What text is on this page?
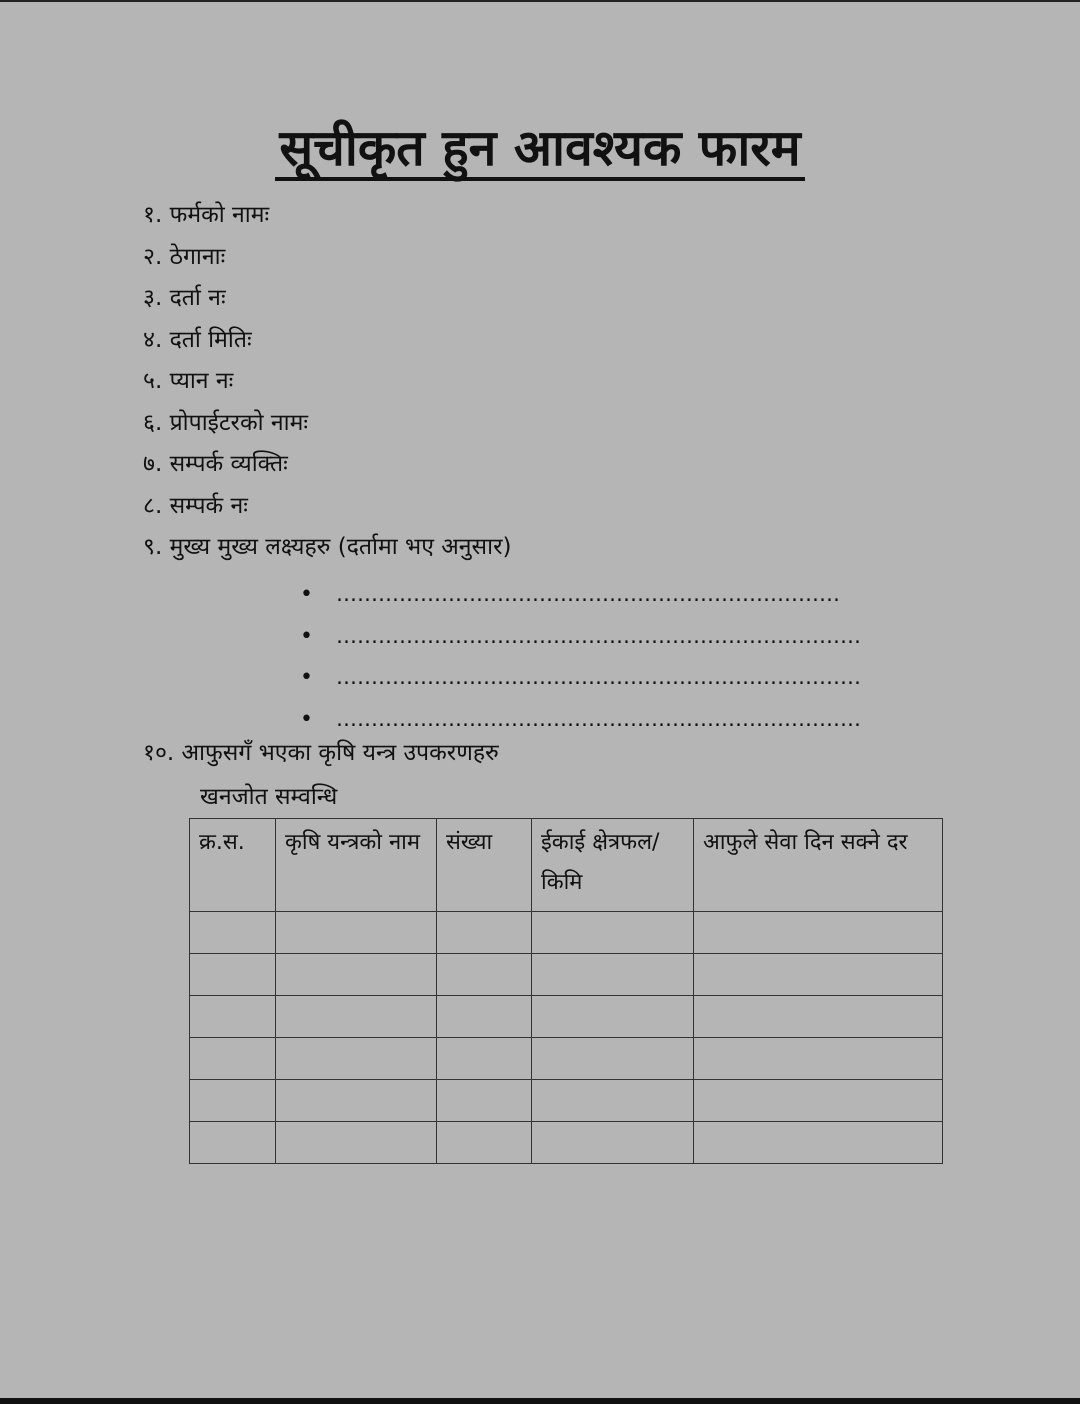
सूचीकृत हुन आवश्यक फारम
१. फर्मको नामः
२. ठेगानाः
३. दर्ता नः
४. दर्ता मितिः
५. प्यान नः
६. प्रोपाईटरको नामः
७. सम्पर्क व्यक्तिः
८. सम्पर्क नः
९. मुख्य मुख्य लक्ष्यहरु (दर्तामा भए अनुसार)
• ………………………………………………………………
• …………………………………………………………………
• …………………………………………………………………
• …………………………………………………………………
१०. आफुसगँ भएका कृषि यन्त्र उपकरणहरु
खनजोत सम्वन्धि
क्र.स.	कृषि यन्त्रको नाम	संख्या	ईकाई क्षेत्रफल/किमि	आफुले सेवा दिन सक्ने दर
